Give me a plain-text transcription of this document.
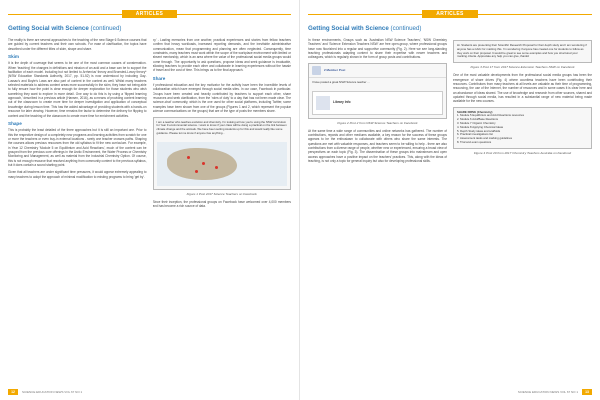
ARTICLES
Getting Social with Science (continued)

The reality is there are several approaches to the teaching of the new Stage 6 Science courses that are guided by current teachers and their own schools. For ease of clarification, the topics have described under the different titles of skim, shape and share.

Skim

It is the depth of coverage that seems to be one of the most common causes of consternation. When 'teaching' the changes in definitions and mission of an acid and a base can be to support the facilitation of each model. Including but not limited to Arrhenius' theory and Bronsted-Lowry theory* (NSW Education Standards Authority, 2017, pp. 51-52) is now understood by including Gay-Lussac's and Boyle's Laws are also part of content in the context as well. Whilst many teachers selected materials to address content areas more successfully in the skim, they have not being able to fully ensure how the point is clear enough for deeper exploration for those students who wish something they want to explore in more detail. One way to do this is by using a 'flipped learning approach,' described in a previous article (Hansen, 2016), as a means of providing content learning out of the classroom to create more time for deeper investigation and application of conceptual knowledge during lesson time. This has the added advantage of providing students with a hands-on resource for later viewing. However, time remains the factor to determine the delivery for flipping to content and the teaching of the classroom to create more time for enrichment activities.

Shape

This is probably the least detailed of the three approaches but it is still an important one. Prior to this the respective design of a completely new programs and learning activities from scratch for one or more the teachers or even buy-in external locations - rarely one teacher crosses paths. Shaping the courses allows previous resources from the old syllabus to fit the new curriculum. For example, in Year 12 Chemistry 'Module 5 on Equilibrium and Acid Reactions', much of the content can be grouped from the previous core offerings in the Arctic Environment, the Water Process or Chemistry Monitoring and Management, as well as material from the Industrial Chemistry Option. Of course, this is not enough resource that resolved anything from community content to the previous syllabus, but it does contain a sound starting point.

Given that all teachers are under significant time pressures, it would appear extremely appealing to many teachers to adopt the approach of minimal modification to existing programs to bring 'get by'.

by' - Lasting memories from one another, practical experiences and stories from fellow teachers confirm that heavy workloads, increased reporting demands, and the inevitable administrative communication, mean that programming and planning are often neglected. Consequently, time constraints, many teachers must work within the scope of the workplace environment with limited or absent mentorship, which is an area where the value of the professional social media groups would come through. The opportunity to ask questions, propose ideas and seek guidance is invaluable, allowing teachers to provide each other and collaborate in learning experiences without the hassle of travel and the cost of time. This brings us to the final approach.

Share

If professional education and the key motivator for the activity have been the incredible levels of collaboration which have emerged through social media sites. In our case, Facebook in particular. Groups have been created and heavily contributed by teachers to support each other, share resources and seek clarification, from the 'roles of duty' to a day that has not been made clear. The 'science-chat' community, which is the one used for other social platforms, including Twitter, some examples have been shown from one of the groups (Figures 1 and 2, which represent the popular science communications on the groups) that are of the type of posts the members share.

I am a teacher who teaches evolution and chemistry. I'm looking at how you're using the NSW curriculum for Year 9 environmental science. I want to know if your class will be doing a practical on the link between climate change and the animals. We have been setting students up for this and would really like some guidance. Please let me know if anyone has anything...
Figure 1 Post 2017 Science Teachers on Facebook

Since their inception, the professional groups on Facebook have welcomed over 4,000 members and has become a rich source of data.

12	SCIENCE EDUCATION NEWS VOL 67 NO 1
ARTICLES
Getting Social with Science (continued)

In these environments, Groups such as 'Australian NSW Science Teachers', 'NSW Chemistry Teachers' and 'Science Extension Teachers NSW' are free open-group, where professional groups have now flourished into a regular and supportive community (Fig. 2). Here we see long-standing teaching professionals adapting content to share their expertise with newer teachers and colleagues, which is regularly shown in the form of group posts and contributions.

2 Member Post
I have posted a great NSW Science teacher ...
Library Info
Figure 2 Post 2 from NSW Science Teachers on Facebook

At the same time a wide range of communities and online networks has gathered. The number of contributions, reposts and other mediums available, a key reason for the success of these groups appears to be the enthusiasm to collaborate with others who share the same interests. The questions are met with valuable responses, and teachers seem to be willing to help - there are also contributions from a diverse range of people, whether new or experienced, ensuring a broad view of perspectives on each topic (Fig. 3). The dissemination of these groups into mainstream and open access approaches have a positive impact on the teachers' practices. This, along with the ideas of teaching, is not only a topic for general inquiry but also for developing professional skills.

Hi. Students are presenting their Scientific Research Proposal for their depth study and I am wondering if anyone has a rubric for marking this. I'm wondering if anyone has created one for students to follow as they work on their proposal. It would be great to see some examples and how you structured your marking criteria. Appreciate any help you can give, thanks!
Figure 3 Post 17 from 2017 Science Extension Teachers NSW on Facebook

One of the most valuable developments from the professional social media groups has been the emergence of share drives (Fig. 4) where countless teachers have been contributing their resources. Contributors from many teachers at all levels are valuable as their time of programming, resourcing, the use of the Internet, the number of resources and in some cases it is clear here and an abundance of ideas shared. The use of knowledge and research from other sources, shared and updated through social media, has resulted in a substantial range of new material being made available for the new courses.

SHARE DRIVE (Chemistry)
1. Module 5 Equilibrium and Acid Reactions resources
2. Module 6 Acid/Base Reactions
3. Module 7 Organic Chemistry
4. Module 8 Applying Chemical Ideas
5. Depth Study ideas and scaffolds
6. Practical investigations list
7. Assessment tasks and marking guidelines
8. Trial and exam questions
Figure 4 Post 20 from 2017 Chemistry Teachers Australia on Facebook
SCIENCE EDUCATION NEWS VOL 67 NO 1	13
